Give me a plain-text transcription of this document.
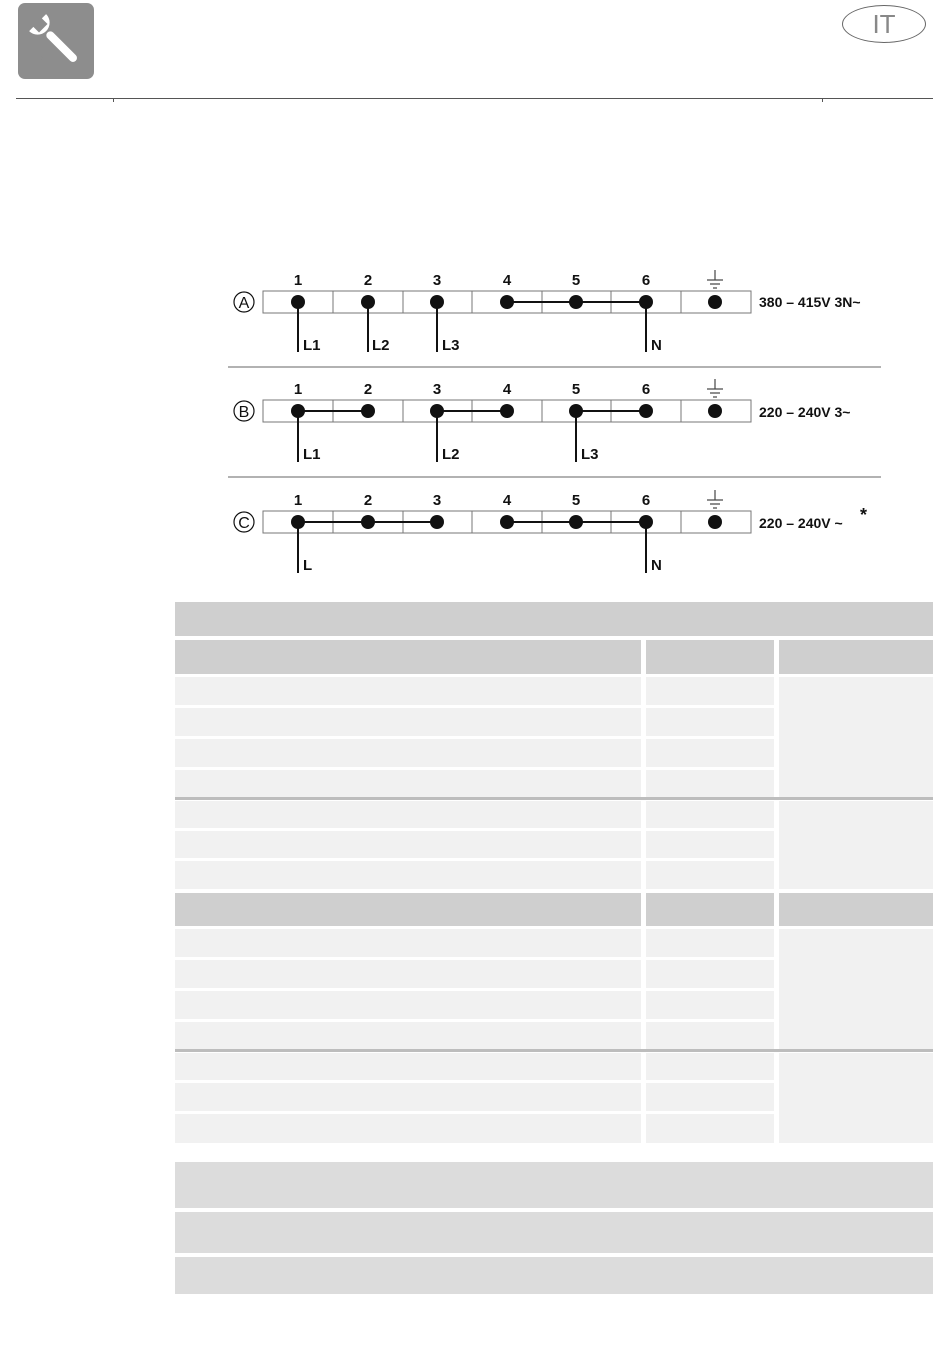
IT
1	2	3	4	5	6
1	2	3	4	5	6
1	2	3	4	5	6
A
L1	L2	L3	N
380 – 415V 3N~
B
L1	L2	L3
220 – 240V 3~
C
L	N
220 – 240V ~ *
